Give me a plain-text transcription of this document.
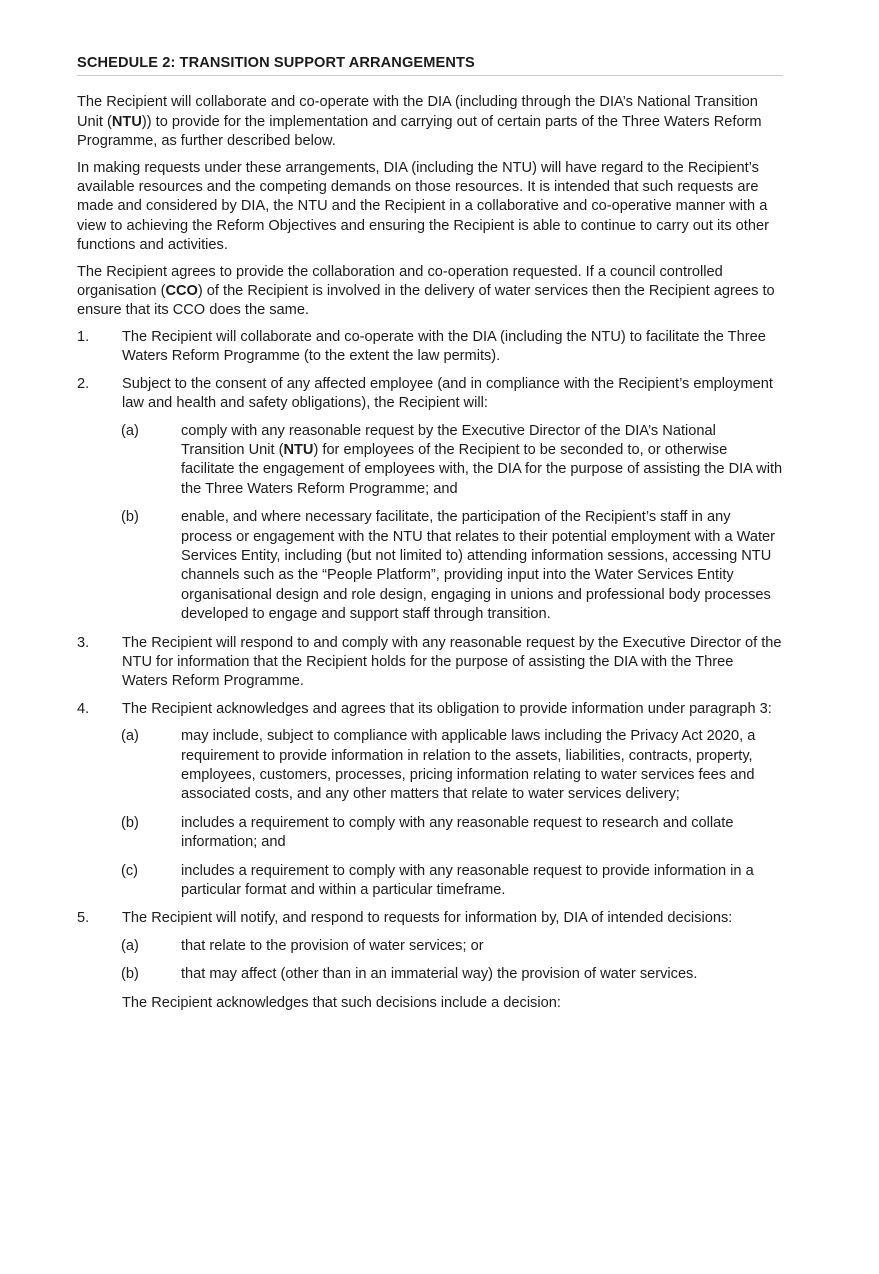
SCHEDULE 2: TRANSITION SUPPORT ARRANGEMENTS

The Recipient will collaborate and co-operate with the DIA (including through the DIA’s National Transition Unit (NTU)) to provide for the implementation and carrying out of certain parts of the Three Waters Reform Programme, as further described below.

In making requests under these arrangements, DIA (including the NTU) will have regard to the Recipient’s available resources and the competing demands on those resources. It is intended that such requests are made and considered by DIA, the NTU and the Recipient in a collaborative and co-operative manner with a view to achieving the Reform Objectives and ensuring the Recipient is able to continue to carry out its other functions and activities.

The Recipient agrees to provide the collaboration and co-operation requested. If a council controlled organisation (CCO) of the Recipient is involved in the delivery of water services then the Recipient agrees to ensure that its CCO does the same.

1. The Recipient will collaborate and co-operate with the DIA (including the NTU) to facilitate the Three Waters Reform Programme (to the extent the law permits).
2. Subject to the consent of any affected employee (and in compliance with the Recipient’s employment law and health and safety obligations), the Recipient will:
(a)	comply with any reasonable request by the Executive Director of the DIA’s National Transition Unit (NTU) for employees of the Recipient to be seconded to, or otherwise facilitate the engagement of employees with, the DIA for the purpose of assisting the DIA with the Three Waters Reform Programme; and
(b)	enable, and where necessary facilitate, the participation of the Recipient’s staff in any process or engagement with the NTU that relates to their potential employment with a Water Services Entity, including (but not limited to) attending information sessions, accessing NTU channels such as the “People Platform”, providing input into the Water Services Entity organisational design and role design, engaging in unions and professional body processes developed to engage and support staff through transition.
3. The Recipient will respond to and comply with any reasonable request by the Executive Director of the NTU for information that the Recipient holds for the purpose of assisting the DIA with the Three Waters Reform Programme.
4. The Recipient acknowledges and agrees that its obligation to provide information under paragraph 3:
(a)	may include, subject to compliance with applicable laws including the Privacy Act 2020, a requirement to provide information in relation to the assets, liabilities, contracts, property, employees, customers, processes, pricing information relating to water services fees and associated costs, and any other matters that relate to water services delivery;
(b)	includes a requirement to comply with any reasonable request to research and collate information; and
(c)	includes a requirement to comply with any reasonable request to provide information in a particular format and within a particular timeframe.
5. The Recipient will notify, and respond to requests for information by, DIA of intended decisions:
(a)	that relate to the provision of water services; or
(b)	that may affect (other than in an immaterial way) the provision of water services.

The Recipient acknowledges that such decisions include a decision:
